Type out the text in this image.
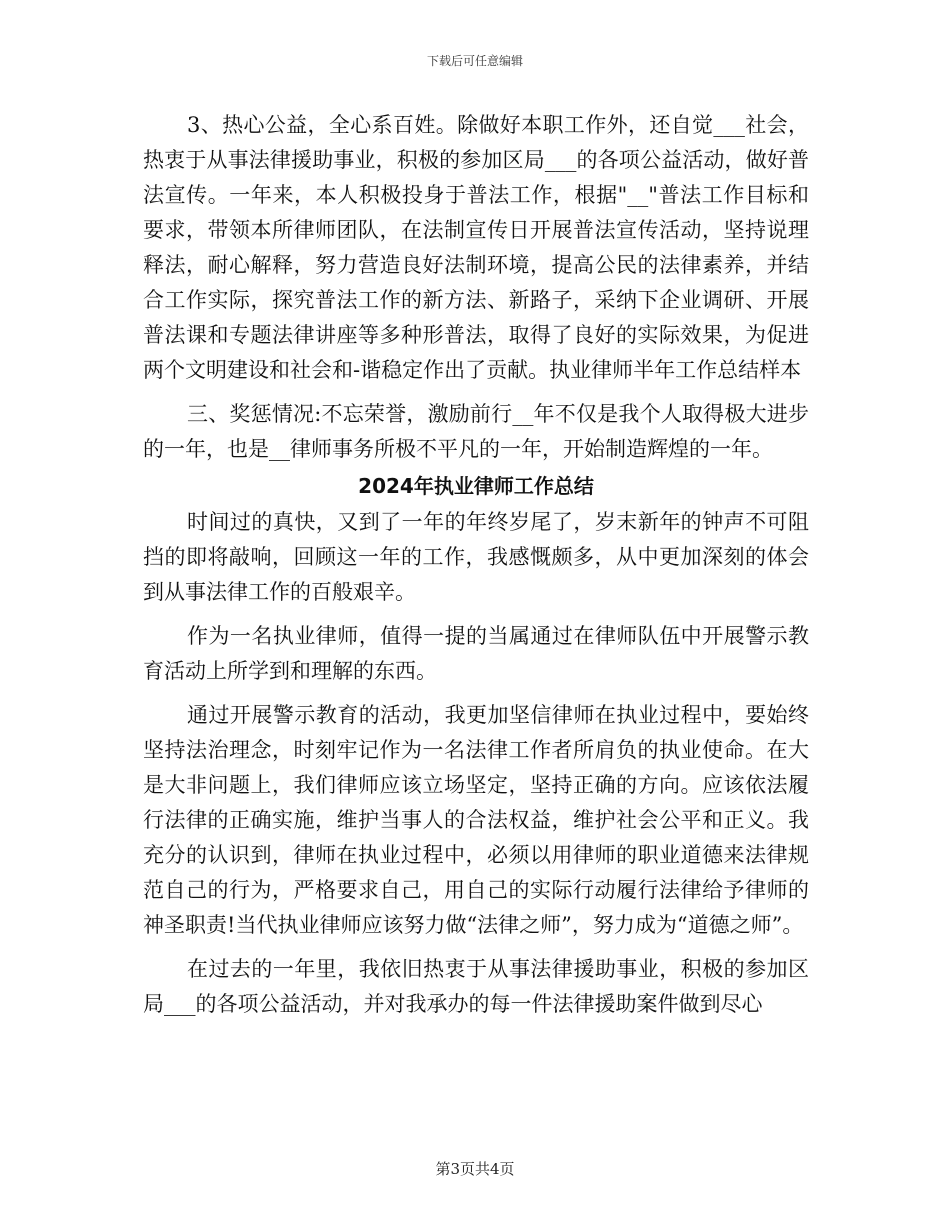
下载后可任意编辑

3、热心公益，全心系百姓。除做好本职工作外，还自觉___社会，热衷于从事法律援助事业，积极的参加区局___的各项公益活动，做好普法宣传。一年来，本人积极投身于普法工作，根据"__"普法工作目标和要求，带领本所律师团队，在法制宣传日开展普法宣传活动，坚持说理释法，耐心解释，努力营造良好法制环境，提高公民的法律素养，并结合工作实际，探究普法工作的新方法、新路子，采纳下企业调研、开展普法课和专题法律讲座等多种形普法，取得了良好的实际效果，为促进两个文明建设和社会和-谐稳定作出了贡献。执业律师半年工作总结样本

三、奖惩情况:不忘荣誉，激励前行__年不仅是我个人取得极大进步的一年，也是__律师事务所极不平凡的一年，开始制造辉煌的一年。

2024年执业律师工作总结

时间过的真快，又到了一年的年终岁尾了，岁末新年的钟声不可阻挡的即将敲响，回顾这一年的工作，我感慨颇多，从中更加深刻的体会到从事法律工作的百般艰辛。

作为一名执业律师，值得一提的当属通过在律师队伍中开展警示教育活动上所学到和理解的东西。

通过开展警示教育的活动，我更加坚信律师在执业过程中，要始终坚持法治理念，时刻牢记作为一名法律工作者所肩负的执业使命。在大是大非问题上，我们律师应该立场坚定，坚持正确的方向。应该依法履行法律的正确实施，维护当事人的合法权益，维护社会公平和正义。我充分的认识到，律师在执业过程中，必须以用律师的职业道德来法律规范自己的行为，严格要求自己，用自己的实际行动履行法律给予律师的神圣职责!当代执业律师应该努力做“法律之师”，努力成为“道德之师”。

在过去的一年里，我依旧热衷于从事法律援助事业，积极的参加区局___的各项公益活动，并对我承办的每一件法律援助案件做到尽心

第3页共4页
